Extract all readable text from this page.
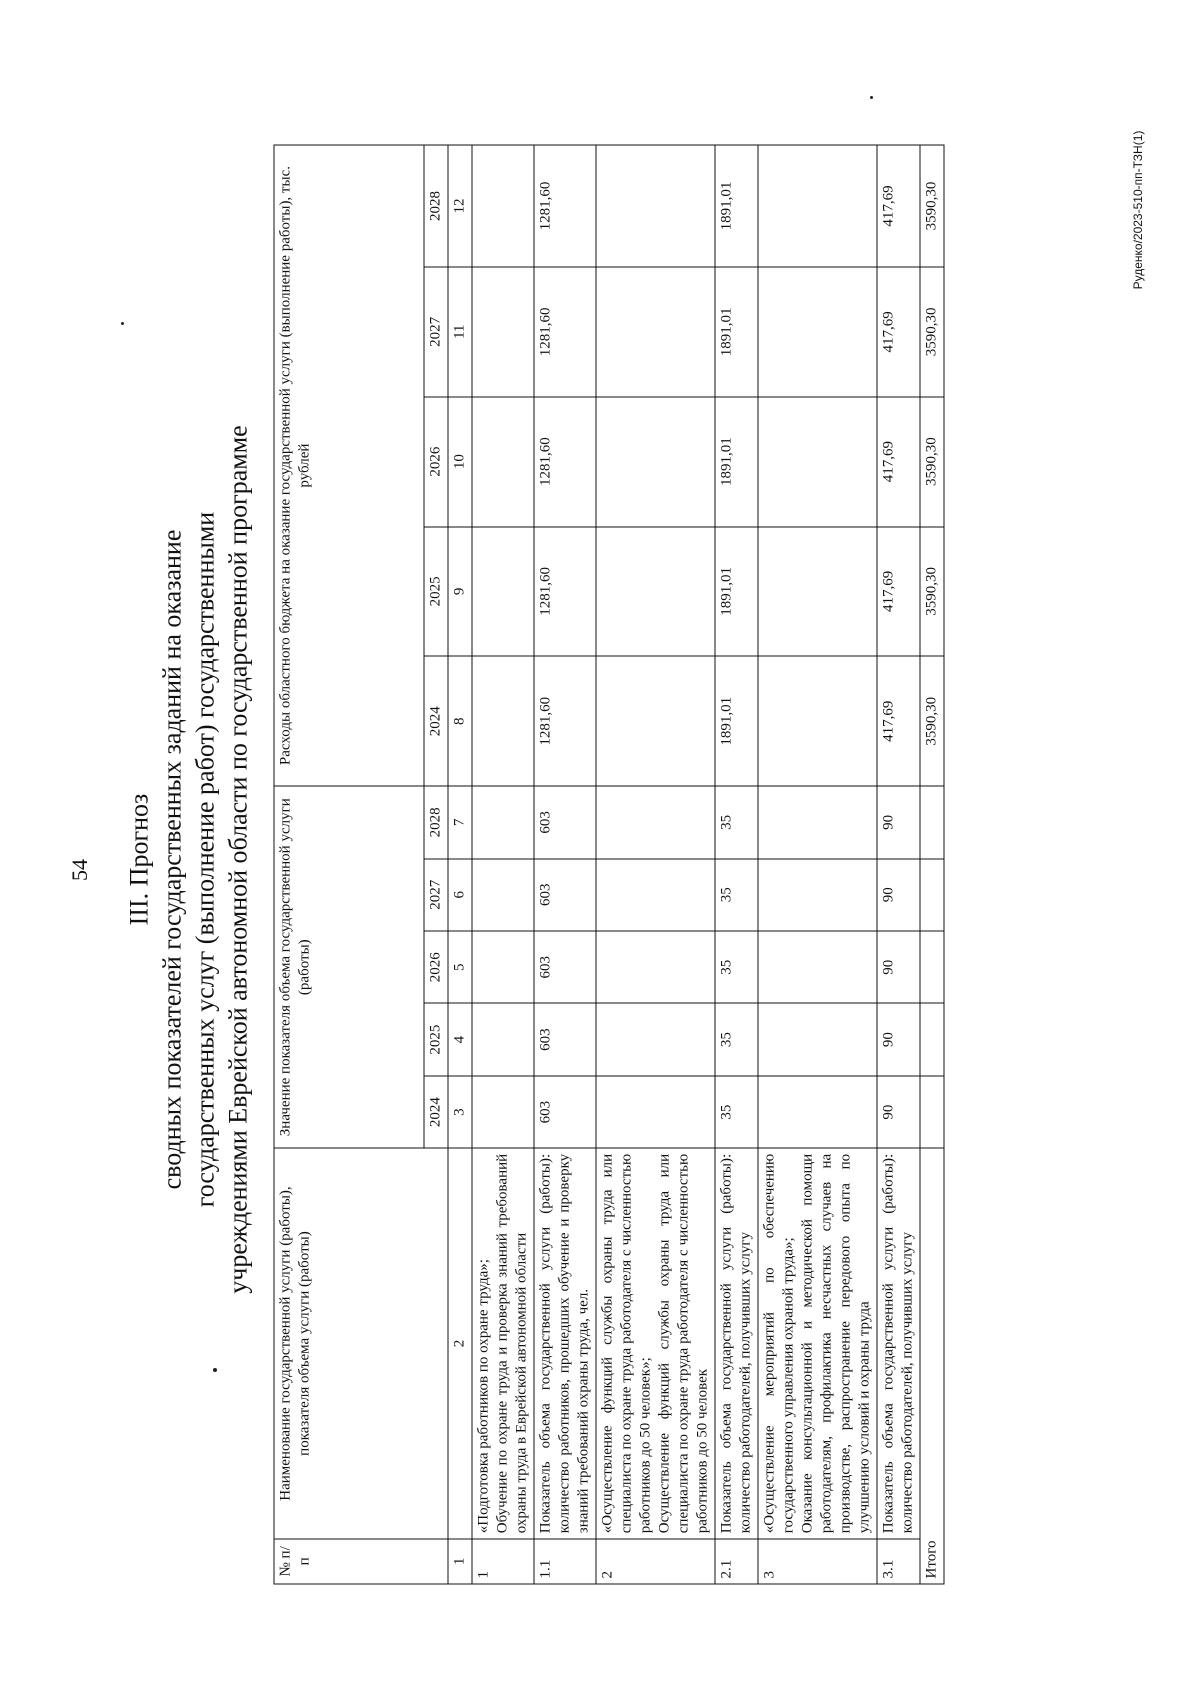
54
Руденко/2023-510-пп-ТЗН(1)
III. Прогноз сводных показателей государственных заданий на оказание государственных услуг (выполнение работ) государственными учреждениями Еврейской автономной области по государственной программе
№ п/п	Наименование государственной услуги (работы), показателя объема услуги (работы)	Значение показателя объема государственной услуги (работы)					Расходы областного бюджета на оказание государственной услуги (выполнение работы), тыс. рублей				
		2024	2025	2026	2027	2028	2024	2025	2026	2027	2028
1	2	3	4	5	6	7	8	9	10	11	12
1	«Подготовка работников по охране труда»; Обучение по охране труда и проверка знаний требований охраны труда в Еврейской автономной области										

1.1	Показатель объема государственной услуги (работы): количество работников, прошедших обучение и проверку знаний требований охраны труда, чел.	603	603	603	603	603	1281,60	1281,60	1281,60	1281,60	1281,60
2	«Осуществление функций службы охраны труда или специалиста по охране труда работодателя с численностью работников до 50 человек»; Осуществление функций службы охраны труда или специалиста по охране труда работодателя с численностью работников до 50 человек										

2.1	Показатель объема государственной услуги (работы): количество работодателей, получивших услугу	35	35	35	35	35	1891,01	1891,01	1891,01	1891,01	1891,01
3	«Осуществление мероприятий по обеспечению государственного управления охраной труда»; Оказание консультационной и методической помощи работодателям, профилактика несчастных случаев на производстве, распространение передового опыта по улучшению условий и охраны труда										

3.1	Показатель объема государственной услуги (работы): количество работодателей, получивших услугу	90	90	90	90	90	417,69	417,69	417,69	417,69	417,69
Итого							3590,30	3590,30	3590,30	3590,30	3590,30
